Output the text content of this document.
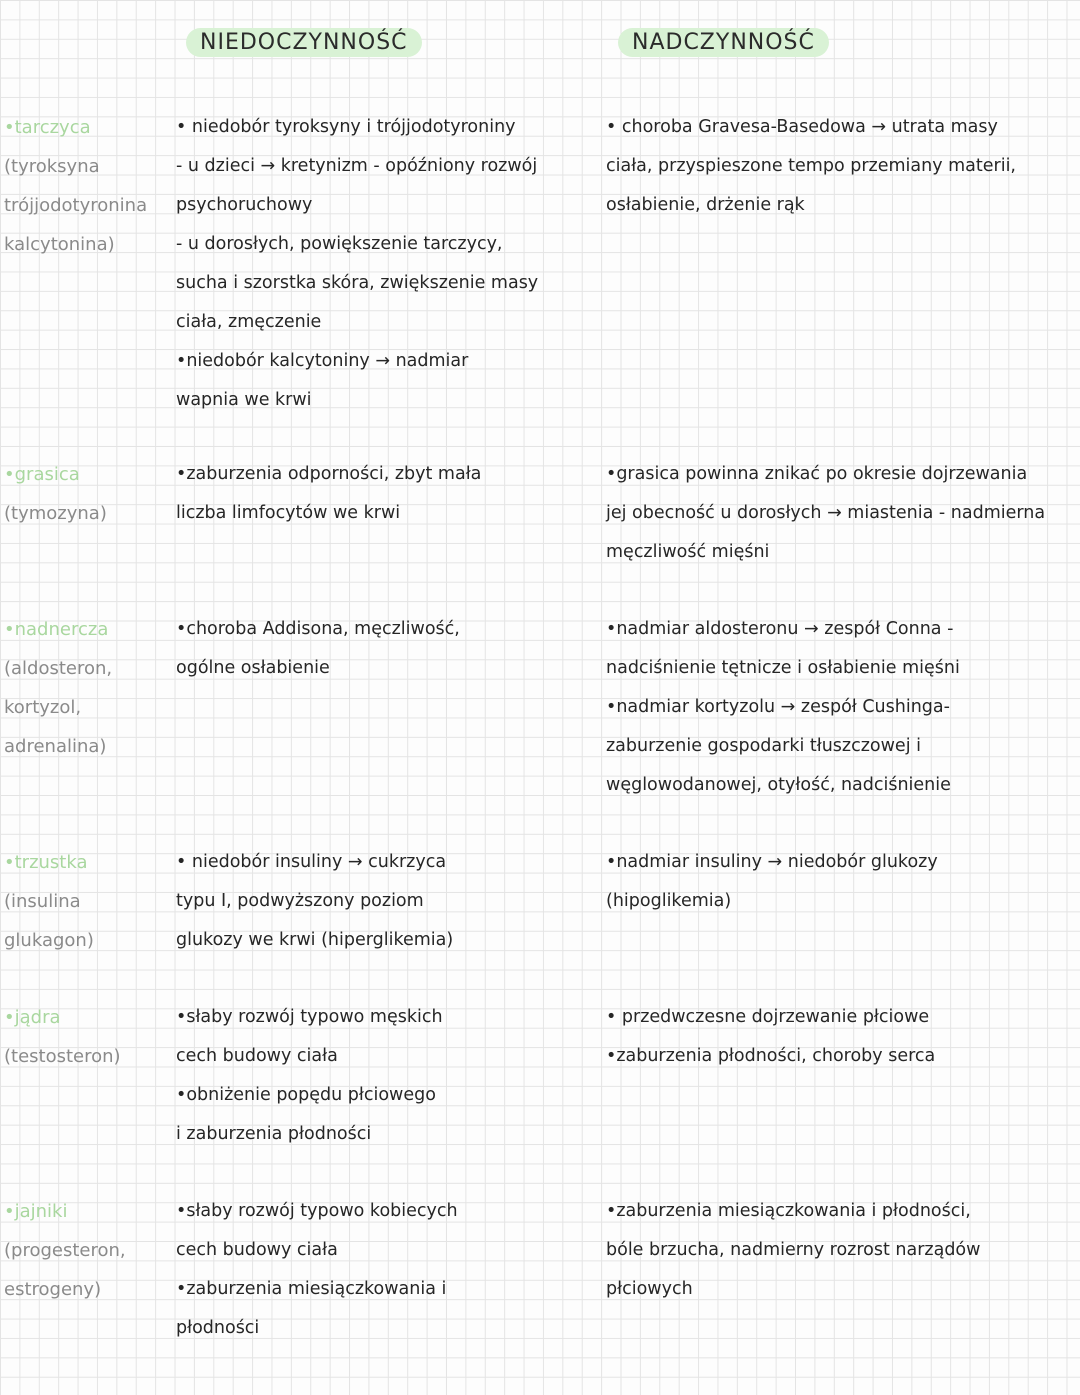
NIEDOCZYNNOŚĆ	NADCZYNNOŚĆ
•tarczyca
(tyroksyna
trójjodotyronina
kalcytonina)
• niedobór tyroksyny i trójjodotyroniny
- u dzieci → kretynizm - opóźniony rozwój
psychoruchowy
- u dorosłych, powiększenie tarczycy,
sucha i szorstka skóra, zwiększenie masy
ciała, zmęczenie
•niedobór kalcytoniny → nadmiar
wapnia we krwi
• choroba Gravesa-Basedowa → utrata masy
ciała, przyspieszone tempo przemiany materii,
osłabienie, drżenie rąk
•grasica
(tymozyna)
•zaburzenia odporności, zbyt mała
liczba limfocytów we krwi
•grasica powinna znikać po okresie dojrzewania
jej obecność u dorosłych → miastenia - nadmierna
męczliwość mięśni
•nadnercza
(aldosteron,
kortyzol,
adrenalina)
•choroba Addisona, męczliwość,
ogólne osłabienie
•nadmiar aldosteronu → zespół Conna -
nadciśnienie tętnicze i osłabienie mięśni
•nadmiar kortyzolu → zespół Cushinga-
zaburzenie gospodarki tłuszczowej i
węglowodanowej, otyłość, nadciśnienie
•trzustka
(insulina
glukagon)
• niedobór insuliny → cukrzyca
typu I, podwyższony poziom
glukozy we krwi (hiperglikemia)
•nadmiar insuliny → niedobór glukozy
(hipoglikemia)
•jądra
(testosteron)
•słaby rozwój typowo męskich
cech budowy ciała
•obniżenie popędu płciowego
i zaburzenia płodności
• przedwczesne dojrzewanie płciowe
•zaburzenia płodności, choroby serca
•jajniki
(progesteron,
estrogeny)
•słaby rozwój typowo kobiecych
cech budowy ciała
•zaburzenia miesiączkowania i
płodności
•zaburzenia miesiączkowania i płodności,
bóle brzucha, nadmierny rozrost narządów
płciowych
